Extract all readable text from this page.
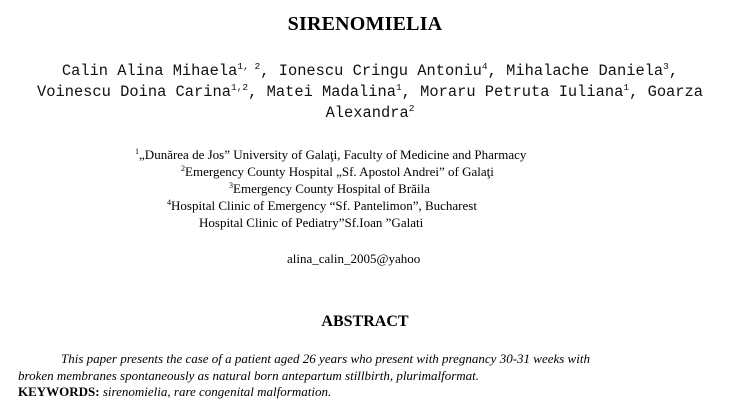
SIRENOMIELIA
Calin Alina Mihaela$^{1, 2}$, Ionescu Cringu Antoniu$^4$, Mihalache Daniela$^3$, Voinescu Doina Carina$^{1,2}$, Matei Madalina$^1$, Moraru Petruta Iuliana$^1$, Goarza Alexandra$^2$
$^1$„Dunărea de Jos” University of Galaţi, Faculty of Medicine and Pharmacy
$^2$Emergency County Hospital „Sf. Apostol Andrei” of Galaţi
$^3$Emergency County Hospital of Brăila
$^4$Hospital Clinic of Emergency “Sf. Pantelimon”, Bucharest
Hospital Clinic of Pediatry”Sf.Ioan ”Galati
alina_calin_2005@yahoo
ABSTRACT
This paper presents the case of a patient aged 26 years who present with pregnancy 30-31 weeks with
broken membranes spontaneously as natural born antepartum stillbirth, plurimalformat.
KEYWORDS: sirenomielia, rare congenital malformation.
